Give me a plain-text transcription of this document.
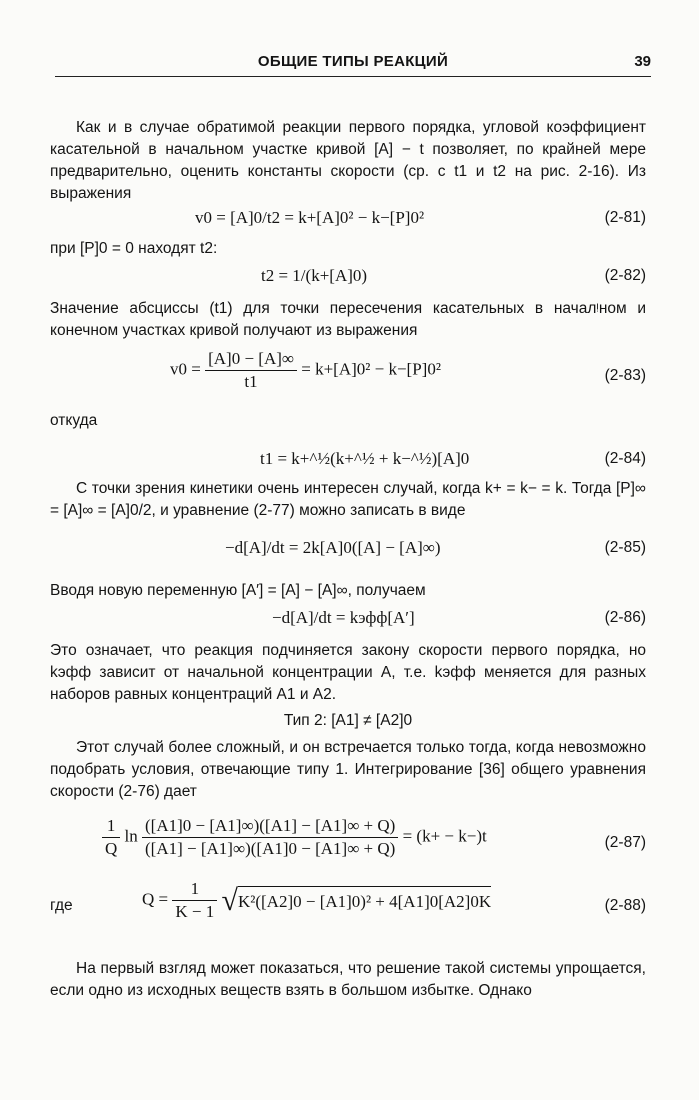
ОБЩИЕ ТИПЫ РЕАКЦИЙ	39
Как и в случае обратимой реакции первого порядка, угловой коэффициент касательной в начальном участке кривой [A] − t позволяет, по крайней мере предварительно, оценить константы скорости (ср. с t1 и t2 на рис. 2-16). Из выражения
v0 = [A]0/t2 = k+[A]0² − k−[P]0²	(2-81)
при [P]0 = 0 находят t2:
t2 = 1/(k+[A]0)	(2-82)
Значение абсциссы (t1) для точки пересечения касательных в началᵎном и конечном участках кривой получают из выражения
$v0 = \frac{[A]0 - [A]\infty}{t1} = k+[A]0^2 - k-[P]0^2$	(2-83)
откуда
t1 = k+^½(k+^½ + k−^½)[A]0	(2-84)
С точки зрения кинетики очень интересен случай, когда k+ = k− = k. Тогда [P]∞ = [A]∞ = [A]0/2, и уравнение (2-77) можно записать в виде
−d[A]/dt = 2k[A]0([A] − [A]∞)	(2-85)
Вводя новую переменную [A′] = [A] − [A]∞, получаем
−d[A]/dt = kэфф[A′]	(2-86)
Это означает, что реакция подчиняется закону скорости первого порядка, но kэфф зависит от начальной концентрации A, т.е. kэфф меняется для разных наборов равных концентраций A1 и A2.
Тип 2: [A1] ≠ [A2]0
Этот случай более сложный, и он встречается только тогда, когда невозможно подобрать условия, отвечающие типу 1. Интегрирование [36] общего уравнения скорости (2-76) дает
$\frac{1}{Q}$ $\ln \frac{([A1]0 - [A1]\infty)([A1] - [A1]\infty + Q)}{([A1] - [A1]\infty)([A1]0 - [A1]\infty + Q)} = (k+ - k-)t$	(2-87)
где	$Q = \frac{1}{K - 1} √K^2([A2]0 - [A1]0)^2 + 4[A1]0[A2]0K$	(2-88)
На первый взгляд может показаться, что решение такой системы упрощается, если одно из исходных веществ взять в большом избытке. Однако
